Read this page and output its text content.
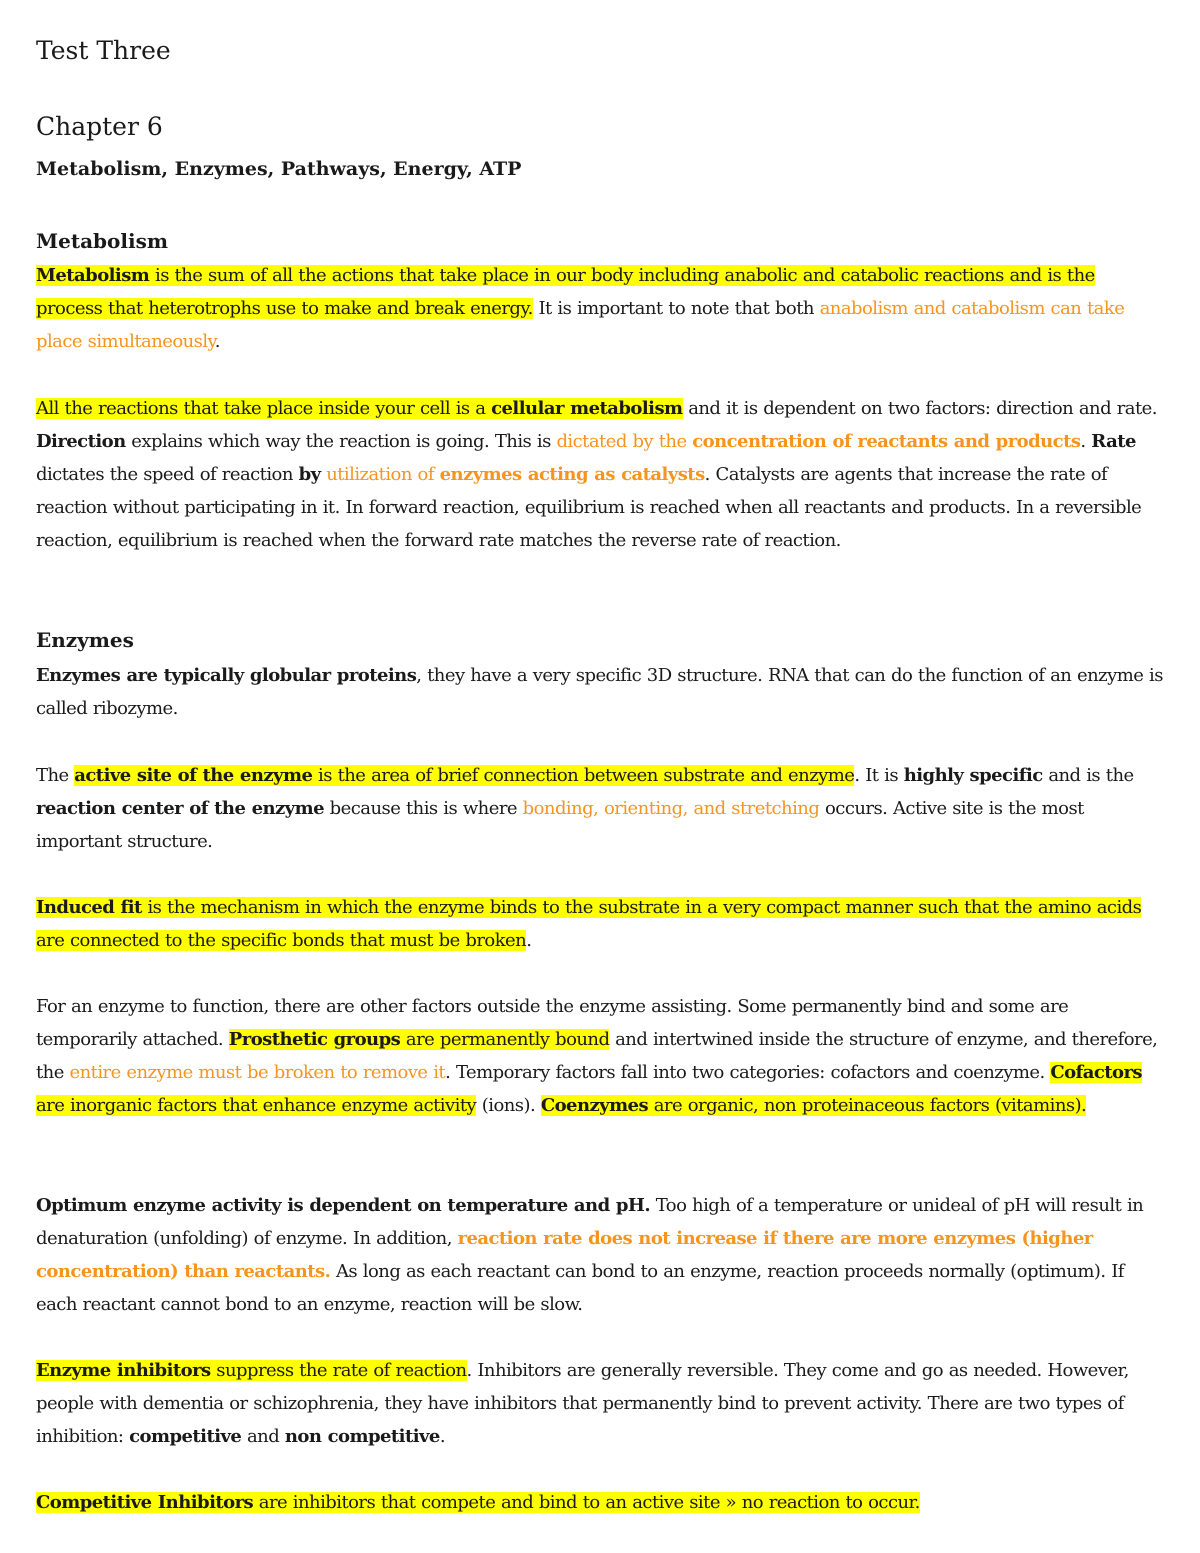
Test Three
Chapter 6
Metabolism, Enzymes, Pathways, Energy, ATP
Metabolism

Metabolism is the sum of all the actions that take place in our body including anabolic and catabolic reactions and is the process that heterotrophs use to make and break energy. It is important to note that both anabolism and catabolism can take place simultaneously.

All the reactions that take place inside your cell is a cellular metabolism and it is dependent on two factors: direction and rate. Direction explains which way the reaction is going. This is dictated by the concentration of reactants and products. Rate dictates the speed of reaction by utilization of enzymes acting as catalysts. Catalysts are agents that increase the rate of reaction without participating in it. In forward reaction, equilibrium is reached when all reactants and products. In a reversible reaction, equilibrium is reached when the forward rate matches the reverse rate of reaction.

Enzymes

Enzymes are typically globular proteins, they have a very specific 3D structure. RNA that can do the function of an enzyme is called ribozyme.

The active site of the enzyme is the area of brief connection between substrate and enzyme. It is highly specific and is the reaction center of the enzyme because this is where bonding, orienting, and stretching occurs. Active site is the most important structure.

Induced fit is the mechanism in which the enzyme binds to the substrate in a very compact manner such that the amino acids are connected to the specific bonds that must be broken.

For an enzyme to function, there are other factors outside the enzyme assisting. Some permanently bind and some are temporarily attached. Prosthetic groups are permanently bound and intertwined inside the structure of enzyme, and therefore, the entire enzyme must be broken to remove it. Temporary factors fall into two categories: cofactors and coenzyme. Cofactors are inorganic factors that enhance enzyme activity (ions). Coenzymes are organic, non proteinaceous factors (vitamins).

Optimum enzyme activity is dependent on temperature and pH. Too high of a temperature or unideal of pH will result in denaturation (unfolding) of enzyme. In addition, reaction rate does not increase if there are more enzymes (higher concentration) than reactants. As long as each reactant can bond to an enzyme, reaction proceeds normally (optimum). If each reactant cannot bond to an enzyme, reaction will be slow.

Enzyme inhibitors suppress the rate of reaction. Inhibitors are generally reversible. They come and go as needed. However, people with dementia or schizophrenia, they have inhibitors that permanently bind to prevent activity. There are two types of inhibition: competitive and non competitive.

Competitive Inhibitors are inhibitors that compete and bind to an active site » no reaction to occur.
